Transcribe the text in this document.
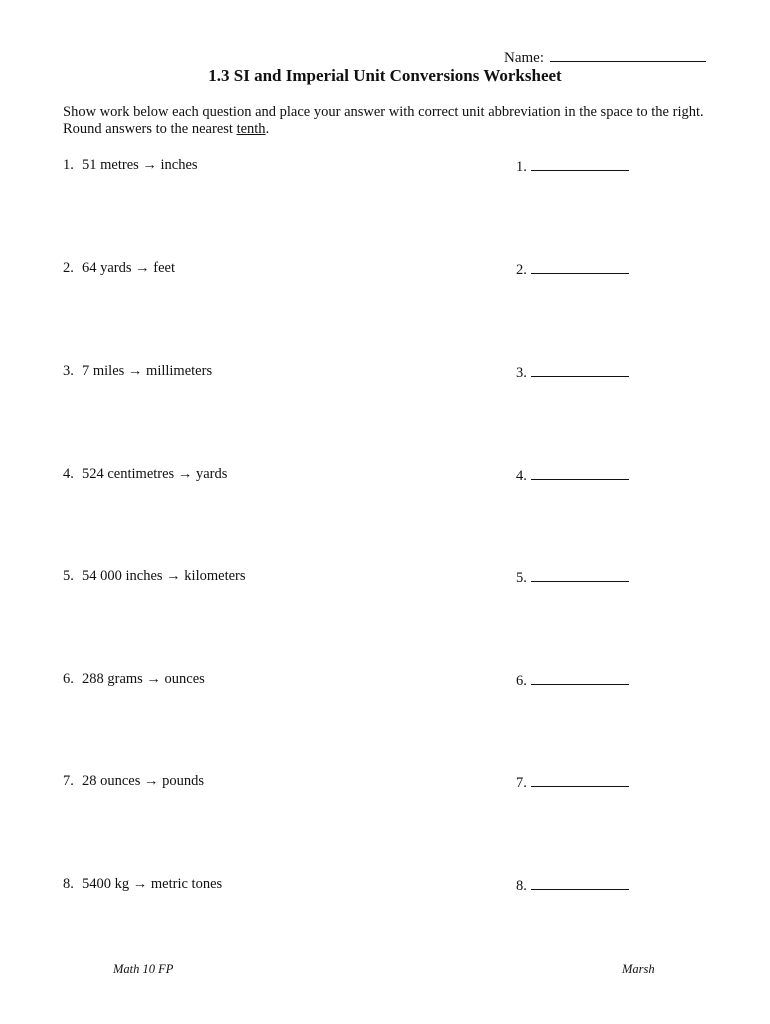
Name:
1.3 SI and Imperial Unit Conversions Worksheet
Show work below each question and place your answer with correct unit abbreviation in the space to the right. Round answers to the nearest tenth.
1. 51 metres → inches	1.
2. 64 yards → feet	2.
3. 7 miles → millimeters	3.
4. 524 centimetres → yards	4.
5. 54 000 inches → kilometers	5.
6. 288 grams → ounces	6.
7. 28 ounces → pounds	7.
8. 5400 kg → metric tones	8.
Math 10 FP	Marsh
